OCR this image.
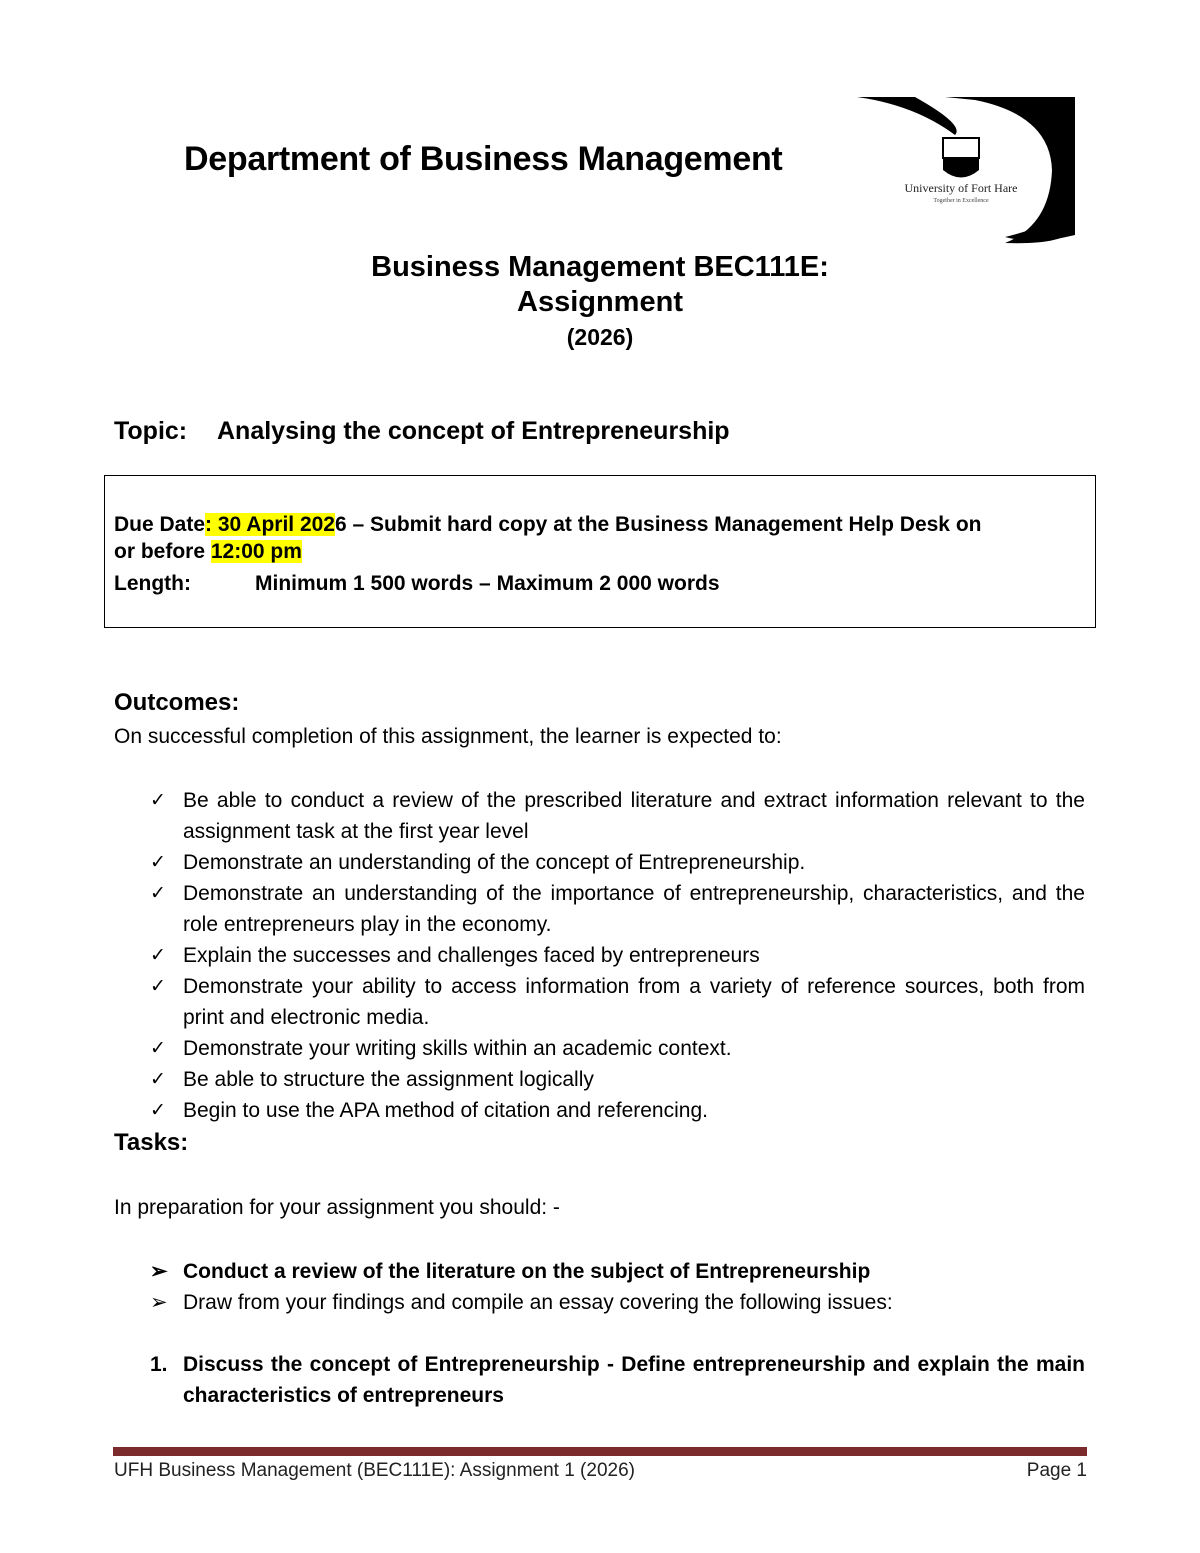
Department of Business Management
University of Fort Hare
Together in Excellence
Business Management BEC111E:
Assignment
(2026)
Topic: Analysing the concept of Entrepreneurship
Due Date: 30 April 2026 – Submit hard copy at the Business Management Help Desk on
or before 12:00 pm
Length:	Minimum 1 500 words – Maximum 2 000 words
Outcomes:
On successful completion of this assignment, the learner is expected to:
✓ Be able to conduct a review of the prescribed literature and extract information relevant to the assignment task at the first year level
✓ Demonstrate an understanding of the concept of Entrepreneurship.
✓ Demonstrate an understanding of the importance of entrepreneurship, characteristics, and the role entrepreneurs play in the economy.
✓ Explain the successes and challenges faced by entrepreneurs
✓ Demonstrate your ability to access information from a variety of reference sources, both from print and electronic media.
✓ Demonstrate your writing skills within an academic context.
✓ Be able to structure the assignment logically
✓ Begin to use the APA method of citation and referencing.
Tasks:
In preparation for your assignment you should: -
➢ Conduct a review of the literature on the subject of Entrepreneurship
➢ Draw from your findings and compile an essay covering the following issues:
1. Discuss the concept of Entrepreneurship - Define entrepreneurship and explain the main characteristics of entrepreneurs
UFH Business Management (BEC111E): Assignment 1 (2026)	Page 1
